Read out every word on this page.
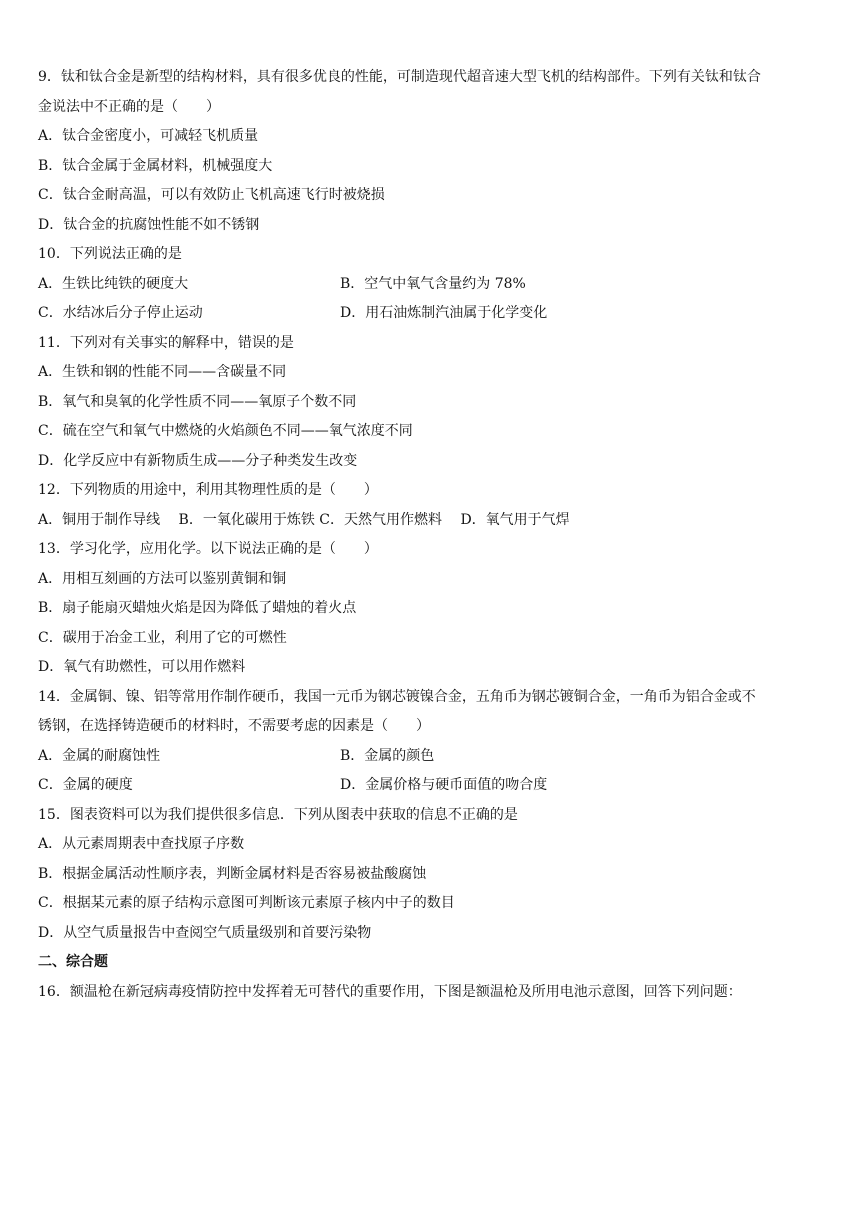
9．钛和钛合金是新型的结构材料，具有很多优良的性能，可制造现代超音速大型飞机的结构部件。下列有关钛和钛合
金说法中不正确的是（　　）
A．钛合金密度小，可减轻飞机质量
B．钛合金属于金属材料，机械强度大
C．钛合金耐高温，可以有效防止飞机高速飞行时被烧损
D．钛合金的抗腐蚀性能不如不锈钢
10．下列说法正确的是
A．生铁比纯铁的硬度大	B．空气中氧气含量约为 78%
C．水结冰后分子停止运动	D．用石油炼制汽油属于化学变化
11．下列对有关事实的解释中，错误的是
A．生铁和钢的性能不同——含碳量不同
B．氧气和臭氧的化学性质不同——氧原子个数不同
C．硫在空气和氧气中燃烧的火焰颜色不同——氧气浓度不同
D．化学反应中有新物质生成——分子种类发生改变
12．下列物质的用途中，利用其物理性质的是（　　）
A．铜用于制作导线　 B．一氧化碳用于炼铁 C．天然气用作燃料　 D．氧气用于气焊
13．学习化学，应用化学。以下说法正确的是（　　）
A．用相互刻画的方法可以鉴别黄铜和铜
B．扇子能扇灭蜡烛火焰是因为降低了蜡烛的着火点
C．碳用于冶金工业，利用了它的可燃性
D．氧气有助燃性，可以用作燃料
14．金属铜、镍、铝等常用作制作硬币，我国一元币为钢芯镀镍合金，五角币为钢芯镀铜合金，一角币为铝合金或不
锈钢，在选择铸造硬币的材料时，不需要考虑的因素是（　　）
A．金属的耐腐蚀性	B．金属的颜色
C．金属的硬度	D．金属价格与硬币面值的吻合度
15．图表资料可以为我们提供很多信息．下列从图表中获取的信息不正确的是
A．从元素周期表中查找原子序数
B．根据金属活动性顺序表，判断金属材料是否容易被盐酸腐蚀
C．根据某元素的原子结构示意图可判断该元素原子核内中子的数目
D．从空气质量报告中查阅空气质量级别和首要污染物
二、综合题
16．额温枪在新冠病毒疫情防控中发挥着无可替代的重要作用，下图是额温枪及所用电池示意图，回答下列问题：
